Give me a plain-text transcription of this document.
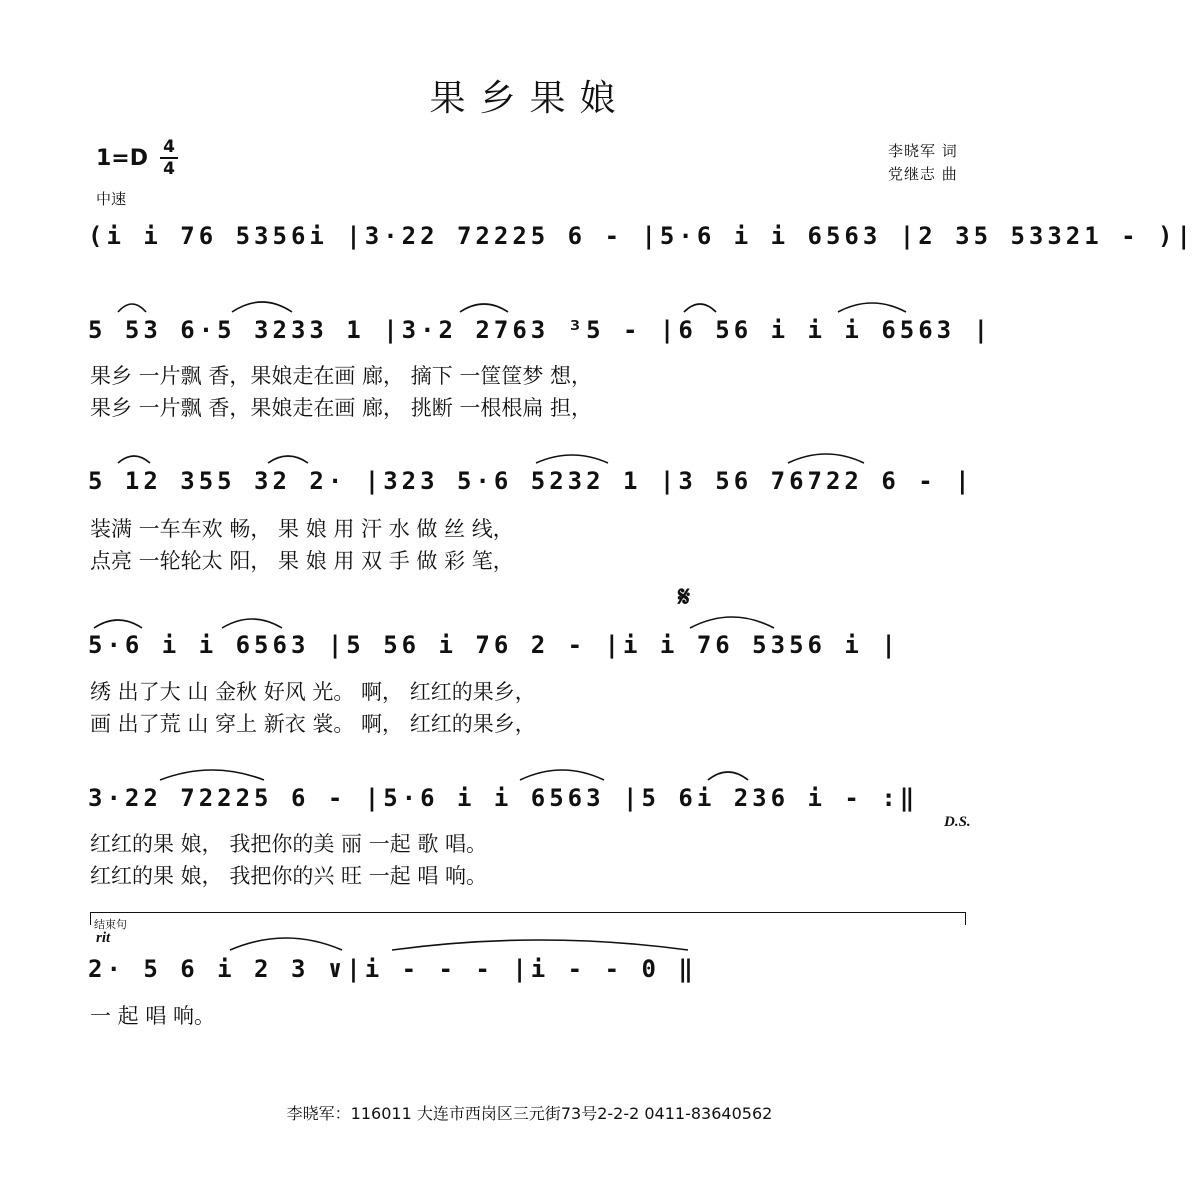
果乡果娘
1=D 4
4
中速
李晓军 词
党继志 曲
(i i 76 5356i |3·22 72225 6 - |5·6 i i 6563 |2 35 53321 - )|
5 53 6·5 3233 1 |3·2 2763 ³5 - |6 56 i i i 6563 |
果乡 一片飘 香，果娘走在画 廊， 摘下 一筐筐梦 想，
果乡 一片飘 香，果娘走在画 廊， 挑断 一根根扁 担，
5 12 355 32 2· |323 5·6 5232 1 |3 56 76722 6 - |
装满 一车车欢 畅， 果 娘 用 汗 水 做 丝 线，
点亮 一轮轮太 阳， 果 娘 用 双 手 做 彩 笔，
𝄋
5·6 i i 6563 |5 56 i 76 2 - |i i 76 5356 i |
绣 出了大 山 金秋 好风 光。 啊， 红红的果乡，
画 出了荒 山 穿上 新衣 裳。 啊， 红红的果乡，
3·22 72225 6 - |5·6 i i 6563 |5 6i 236 i - :‖
D.S.
红红的果 娘， 我把你的美 丽 一起 歌 唱。
红红的果 娘， 我把你的兴 旺 一起 唱 响。
结束句
rit
2· 5 6 i 2 3 ∨|i - - - |i - - 0 ‖
一 起 唱 响。
李晓军：116011 大连市西岗区三元街73号2-2-2 0411-83640562
